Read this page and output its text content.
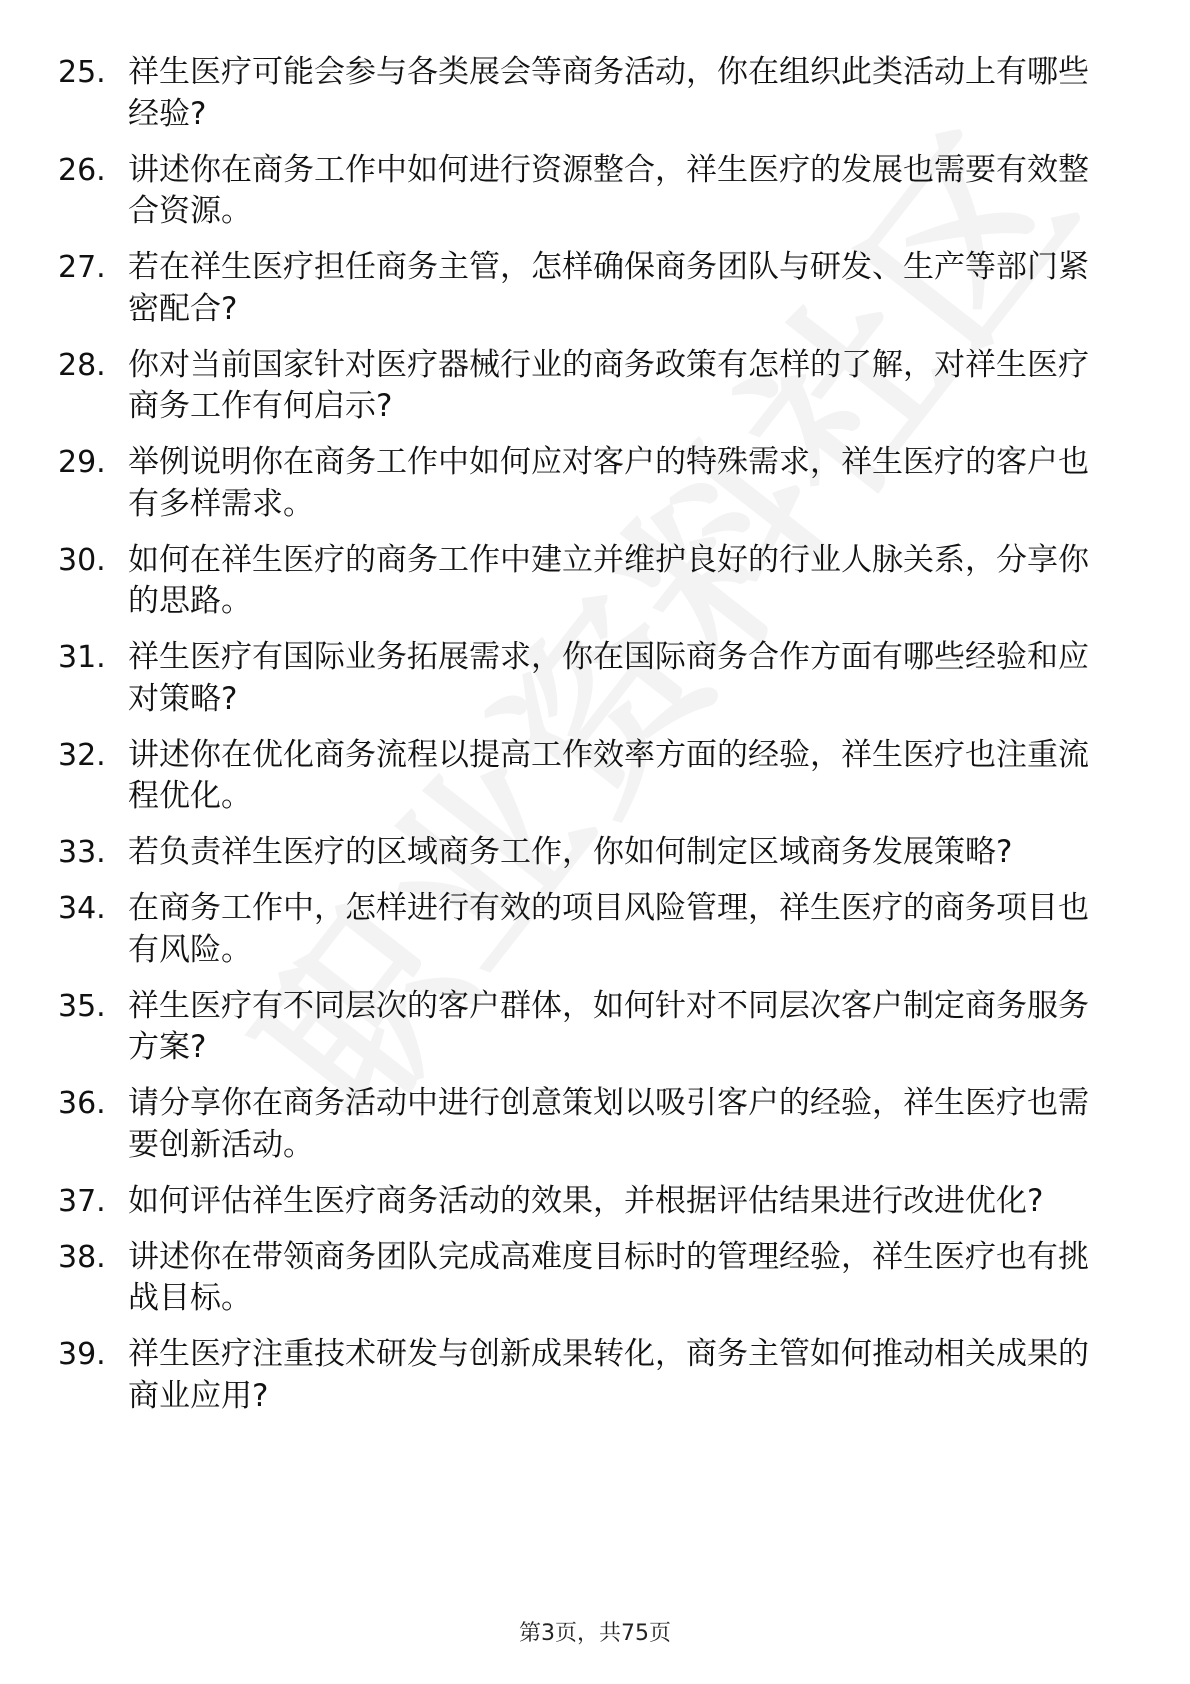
25. 祥生医疗可能会参与各类展会等商务活动，你在组织此类活动上有哪些经验?
26. 讲述你在商务工作中如何进行资源整合，祥生医疗的发展也需要有效整合资源。
27. 若在祥生医疗担任商务主管，怎样确保商务团队与研发、生产等部门紧密配合?
28. 你对当前国家针对医疗器械行业的商务政策有怎样的了解，对祥生医疗商务工作有何启示?
29. 举例说明你在商务工作中如何应对客户的特殊需求，祥生医疗的客户也有多样需求。
30. 如何在祥生医疗的商务工作中建立并维护良好的行业人脉关系，分享你的思路。
31. 祥生医疗有国际业务拓展需求，你在国际商务合作方面有哪些经验和应对策略?
32. 讲述你在优化商务流程以提高工作效率方面的经验，祥生医疗也注重流程优化。
33. 若负责祥生医疗的区域商务工作，你如何制定区域商务发展策略?
34. 在商务工作中，怎样进行有效的项目风险管理，祥生医疗的商务项目也有风险。
35. 祥生医疗有不同层次的客户群体，如何针对不同层次客户制定商务服务方案?
36. 请分享你在商务活动中进行创意策划以吸引客户的经验，祥生医疗也需要创新活动。
37. 如何评估祥生医疗商务活动的效果，并根据评估结果进行改进优化?
38. 讲述你在带领商务团队完成高难度目标时的管理经验，祥生医疗也有挑战目标。
39. 祥生医疗注重技术研发与创新成果转化，商务主管如何推动相关成果的商业应用?
第3页，共75页
